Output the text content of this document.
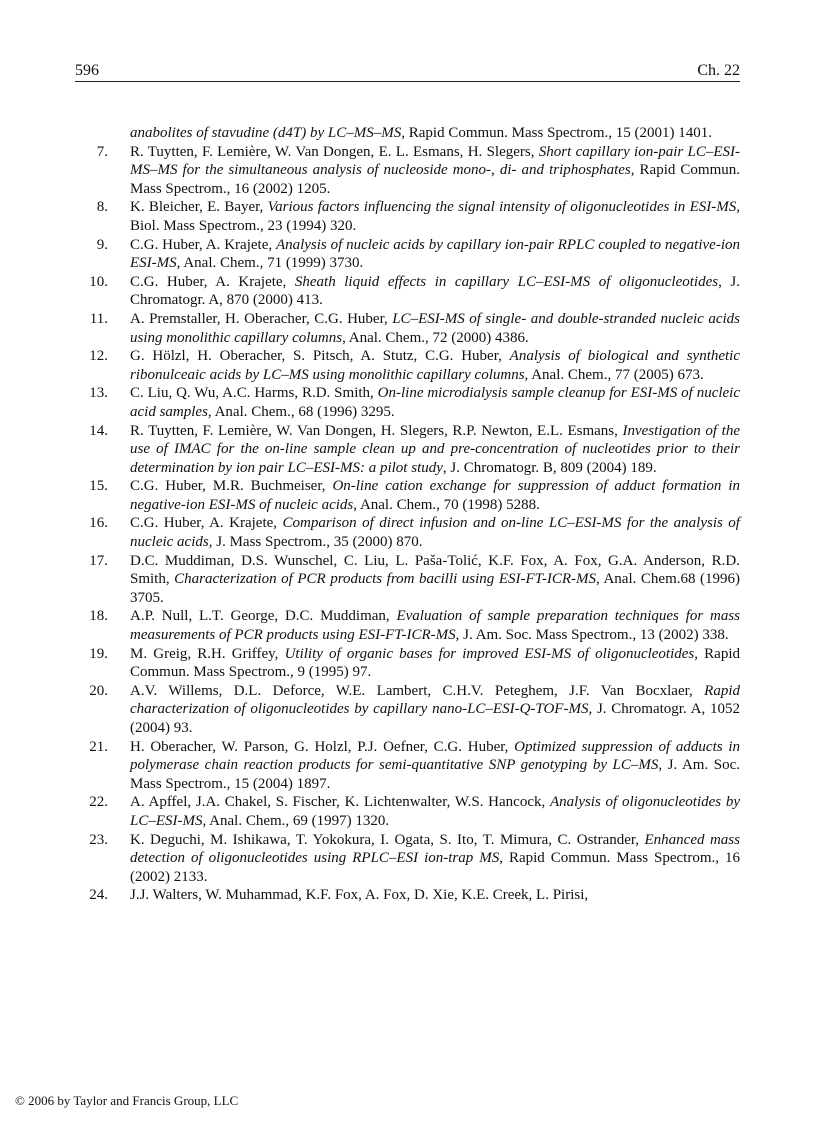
596	Ch. 22
anabolites of stavudine (d4T) by LC–MS–MS, Rapid Commun. Mass Spectrom., 15 (2001) 1401.
7. R. Tuytten, F. Lemière, W. Van Dongen, E. L. Esmans, H. Slegers, Short capillary ion-pair LC–ESI-MS–MS for the simultaneous analysis of nucleoside mono-, di- and triphosphates, Rapid Commun. Mass Spectrom., 16 (2002) 1205.
8. K. Bleicher, E. Bayer, Various factors influencing the signal intensity of oligonucleotides in ESI-MS, Biol. Mass Spectrom., 23 (1994) 320.
9. C.G. Huber, A. Krajete, Analysis of nucleic acids by capillary ion-pair RPLC coupled to negative-ion ESI-MS, Anal. Chem., 71 (1999) 3730.
10. C.G. Huber, A. Krajete, Sheath liquid effects in capillary LC–ESI-MS of oligonucleotides, J. Chromatogr. A, 870 (2000) 413.
11. A. Premstaller, H. Oberacher, C.G. Huber, LC–ESI-MS of single- and double-stranded nucleic acids using monolithic capillary columns, Anal. Chem., 72 (2000) 4386.
12. G. Hölzl, H. Oberacher, S. Pitsch, A. Stutz, C.G. Huber, Analysis of biological and synthetic ribonulceaic acids by LC–MS using monolithic capillary columns, Anal. Chem., 77 (2005) 673.
13. C. Liu, Q. Wu, A.C. Harms, R.D. Smith, On-line microdialysis sample cleanup for ESI-MS of nucleic acid samples, Anal. Chem., 68 (1996) 3295.
14. R. Tuytten, F. Lemière, W. Van Dongen, H. Slegers, R.P. Newton, E.L. Esmans, Investigation of the use of IMAC for the on-line sample clean up and pre-concentration of nucleotides prior to their determination by ion pair LC–ESI-MS: a pilot study, J. Chromatogr. B, 809 (2004) 189.
15. C.G. Huber, M.R. Buchmeiser, On-line cation exchange for suppression of adduct formation in negative-ion ESI-MS of nucleic acids, Anal. Chem., 70 (1998) 5288.
16. C.G. Huber, A. Krajete, Comparison of direct infusion and on-line LC–ESI-MS for the analysis of nucleic acids, J. Mass Spectrom., 35 (2000) 870.
17. D.C. Muddiman, D.S. Wunschel, C. Liu, L. Paša-Tolić, K.F. Fox, A. Fox, G.A. Anderson, R.D. Smith, Characterization of PCR products from bacilli using ESI-FT-ICR-MS, Anal. Chem.68 (1996) 3705.
18. A.P. Null, L.T. George, D.C. Muddiman, Evaluation of sample preparation techniques for mass measurements of PCR products using ESI-FT-ICR-MS, J. Am. Soc. Mass Spectrom., 13 (2002) 338.
19. M. Greig, R.H. Griffey, Utility of organic bases for improved ESI-MS of oligonucleotides, Rapid Commun. Mass Spectrom., 9 (1995) 97.
20. A.V. Willems, D.L. Deforce, W.E. Lambert, C.H.V. Peteghem, J.F. Van Bocxlaer, Rapid characterization of oligonucleotides by capillary nano-LC–ESI-Q-TOF-MS, J. Chromatogr. A, 1052 (2004) 93.
21. H. Oberacher, W. Parson, G. Holzl, P.J. Oefner, C.G. Huber, Optimized suppression of adducts in polymerase chain reaction products for semi-quantitative SNP genotyping by LC–MS, J. Am. Soc. Mass Spectrom., 15 (2004) 1897.
22. A. Apffel, J.A. Chakel, S. Fischer, K. Lichtenwalter, W.S. Hancock, Analysis of oligonucleotides by LC–ESI-MS, Anal. Chem., 69 (1997) 1320.
23. K. Deguchi, M. Ishikawa, T. Yokokura, I. Ogata, S. Ito, T. Mimura, C. Ostrander, Enhanced mass detection of oligonucleotides using RPLC–ESI ion-trap MS, Rapid Commun. Mass Spectrom., 16 (2002) 2133.
24. J.J. Walters, W. Muhammad, K.F. Fox, A. Fox, D. Xie, K.E. Creek, L. Pirisi,
© 2006 by Taylor and Francis Group, LLC
